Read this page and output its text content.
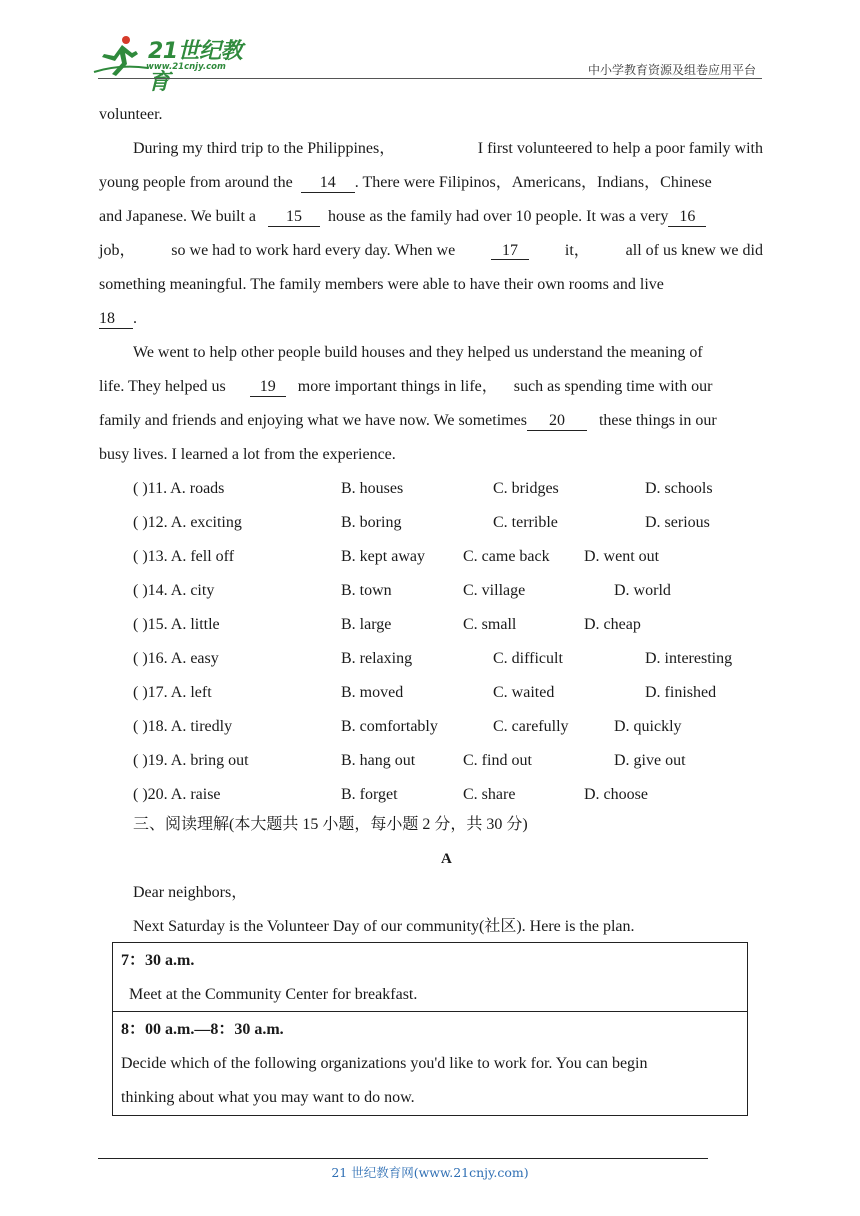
21世纪教育
www.21cnjy.com	中小学教育资源及组卷应用平台
volunteer.
During my third trip to the Philippines，	I first volunteered to help a poor family with
young people from around the 14 . There were Filipinos，Americans，Indians，Chinese
and Japanese. We built a 15 house as the family had over 10 people. It was a very 16
job， so we had to work hard every day. When we	17	it， all of us knew we did
something meaningful. The family members were able to have their own rooms and live
18 .
We went to help other people build houses and they helped us understand the meaning of
life. They helped us 19 more important things in life， such as spending time with our
family and friends and enjoying what we have now. We sometimes 20 these things in our
busy lives. I learned a lot from the experience.
( )11. A. roads	B. houses	C. bridges	D. schools
( )12. A. exciting	B. boring	C. terrible	D. serious
( )13. A. fell off	B. kept away C. came back D. went out
( )14. A. city	B. town	C. village	D. world
( )15. A. little	B. large	C. small	D. cheap
( )16. A. easy	B. relaxing	C. difficult	D. interesting
( )17. A. left	B. moved	C. waited	D. finished
( )18. A. tiredly	B. comfortably	C. carefully	D. quickly
( )19. A. bring out	B. hang out	C. find out	D. give out
( )20. A. raise	B. forget	C. share	D. choose
三、阅读理解(本大题共 15 小题，每小题 2 分，共 30 分)
A
Dear neighbors，
Next Saturday is the Volunteer Day of our community(社区). Here is the plan.
7：30 a.m.
Meet at the Community Center for breakfast.
8：00 a.m.—8：30 a.m.
Decide which of the following organizations you'd like to work for. You can begin
thinking about what you may want to do now.
21 世纪教育网(www.21cnjy.com)
